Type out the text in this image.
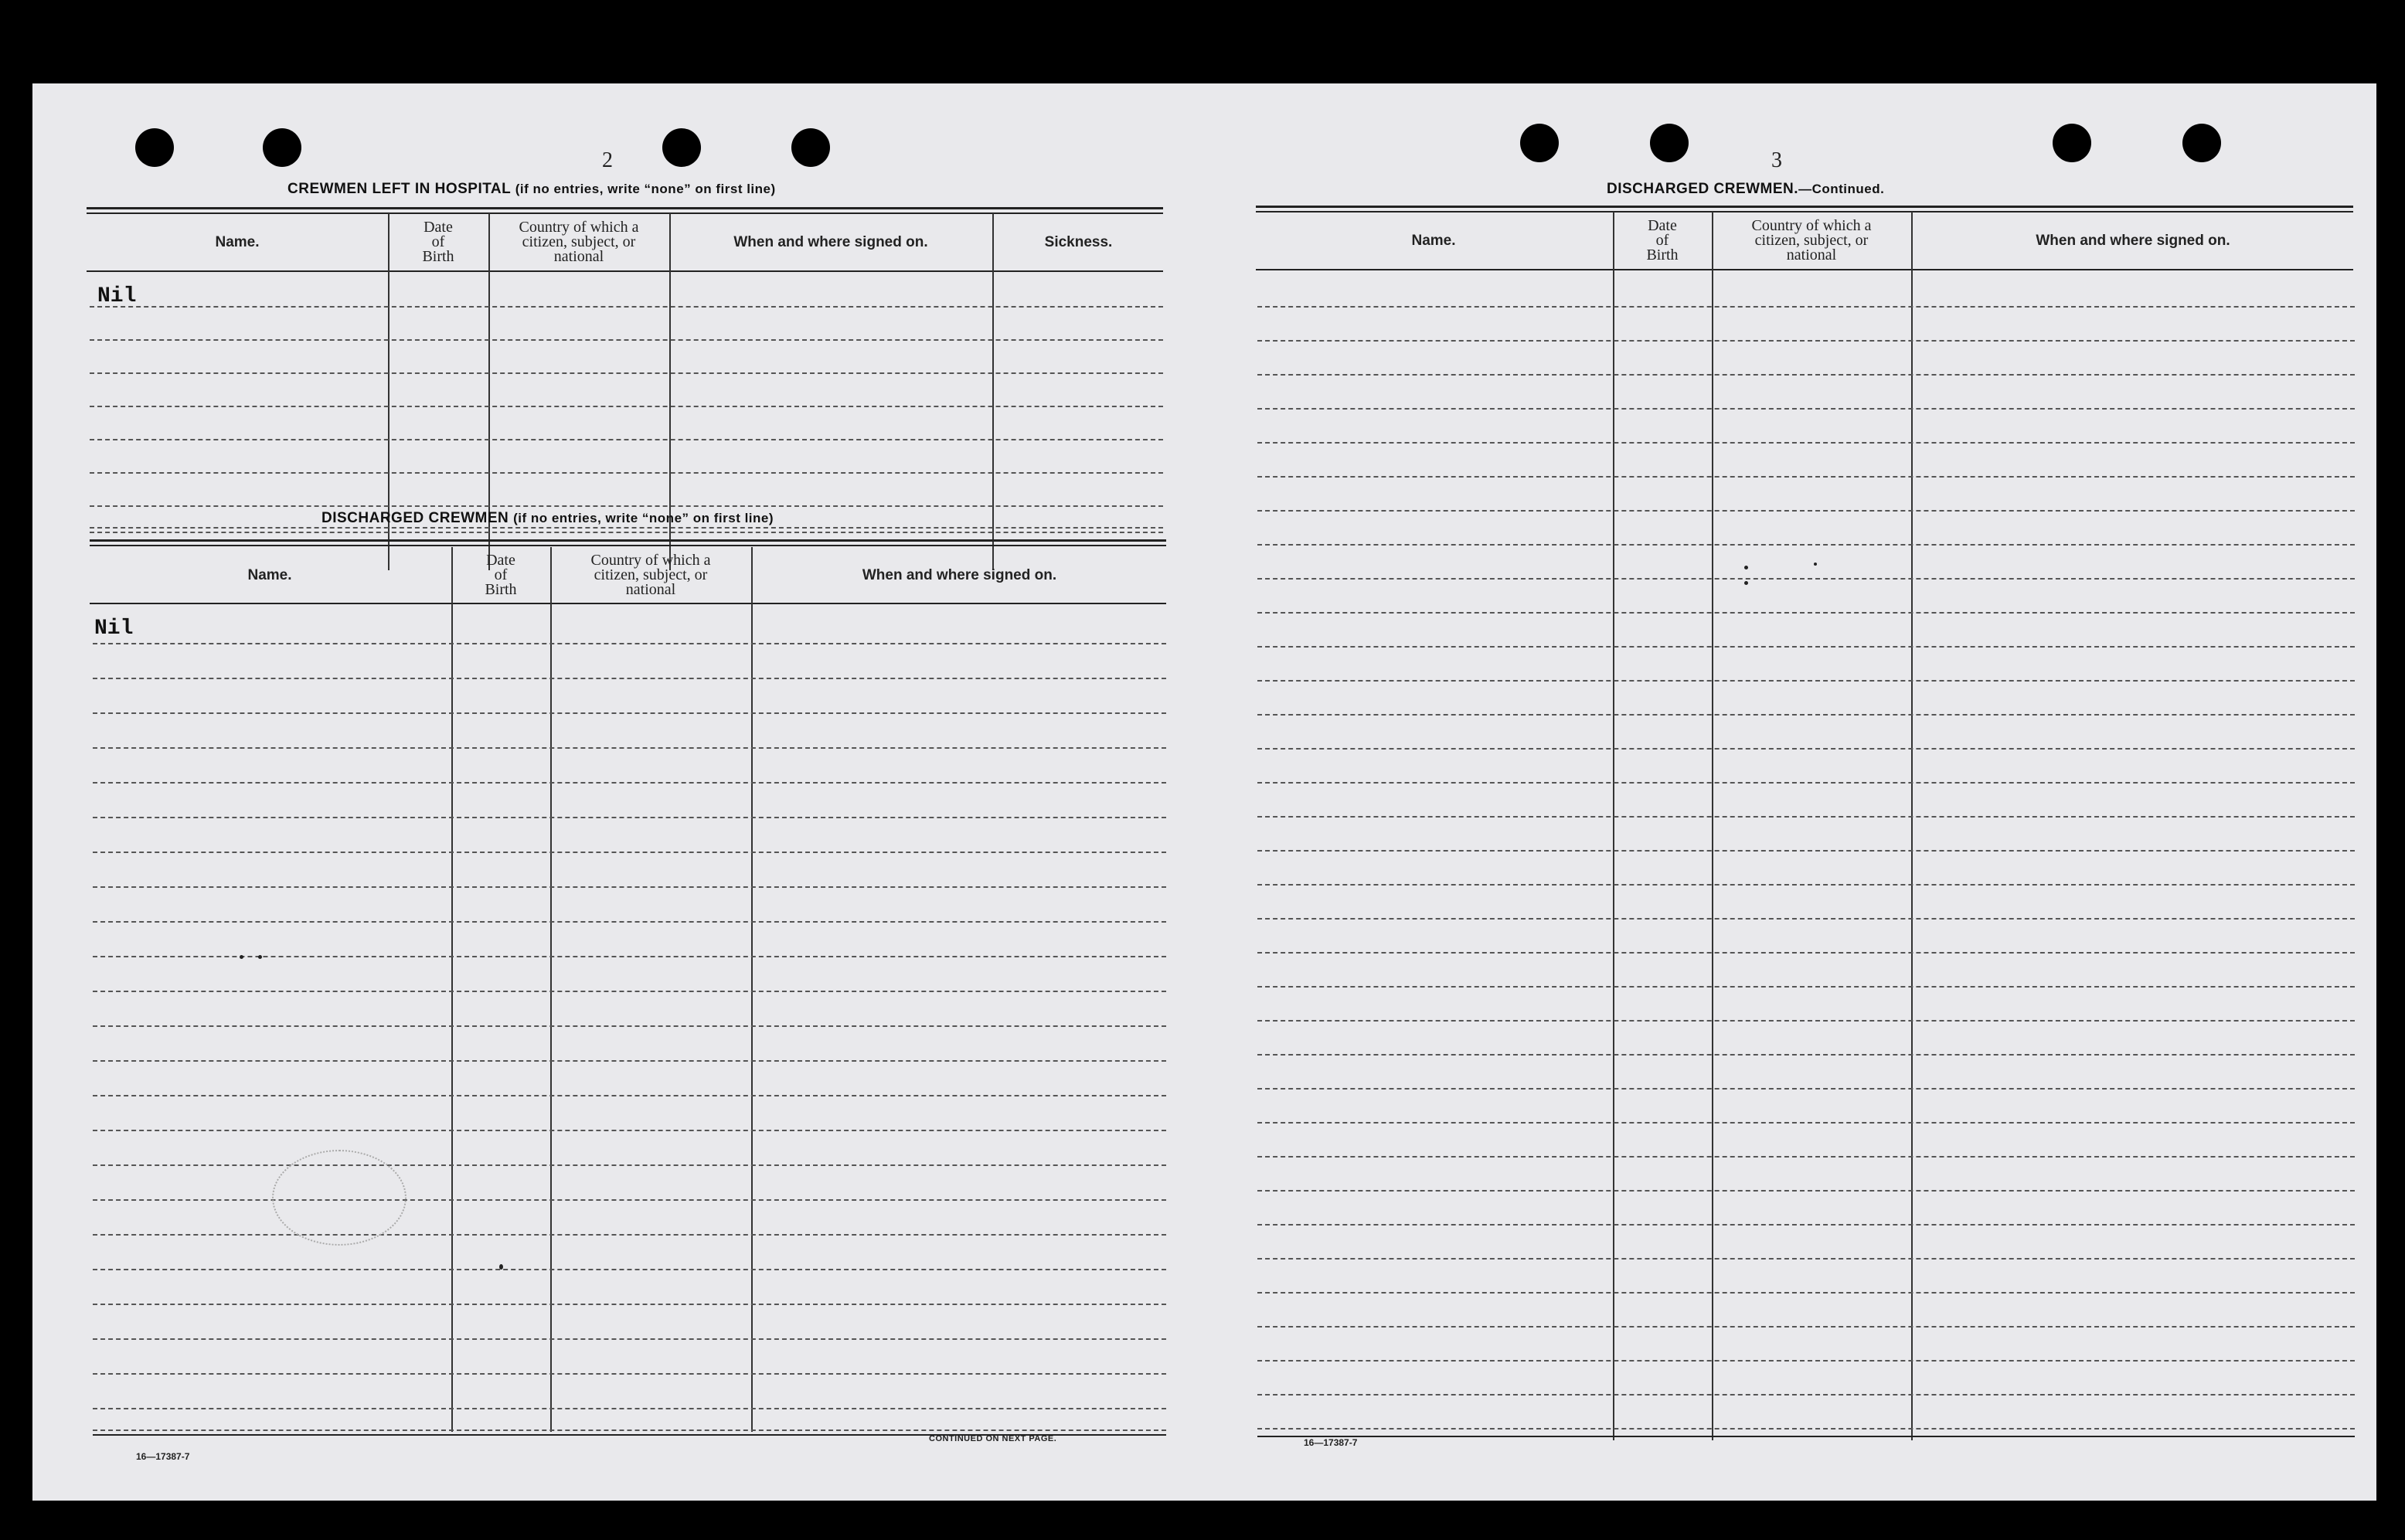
2
CREWMEN LEFT IN HOSPITAL (if no entries, write “none” on first line)
Name.
Date
of
Birth
Country of which a
citizen, subject, or
national
When and where signed on.	Sickness.
Nil
DISCHARGED CREWMEN (if no entries, write “none” on first line)
Name.
Date
of
Birth
Country of which a
citizen, subject, or
national
When and where signed on.
Nil
16—17387-7
CONTINUED ON NEXT PAGE.
3
DISCHARGED CREWMEN.—Continued.
Name.
Date
of
Birth
Country of which a
citizen, subject, or
national
When and where signed on.
16—17387-7
